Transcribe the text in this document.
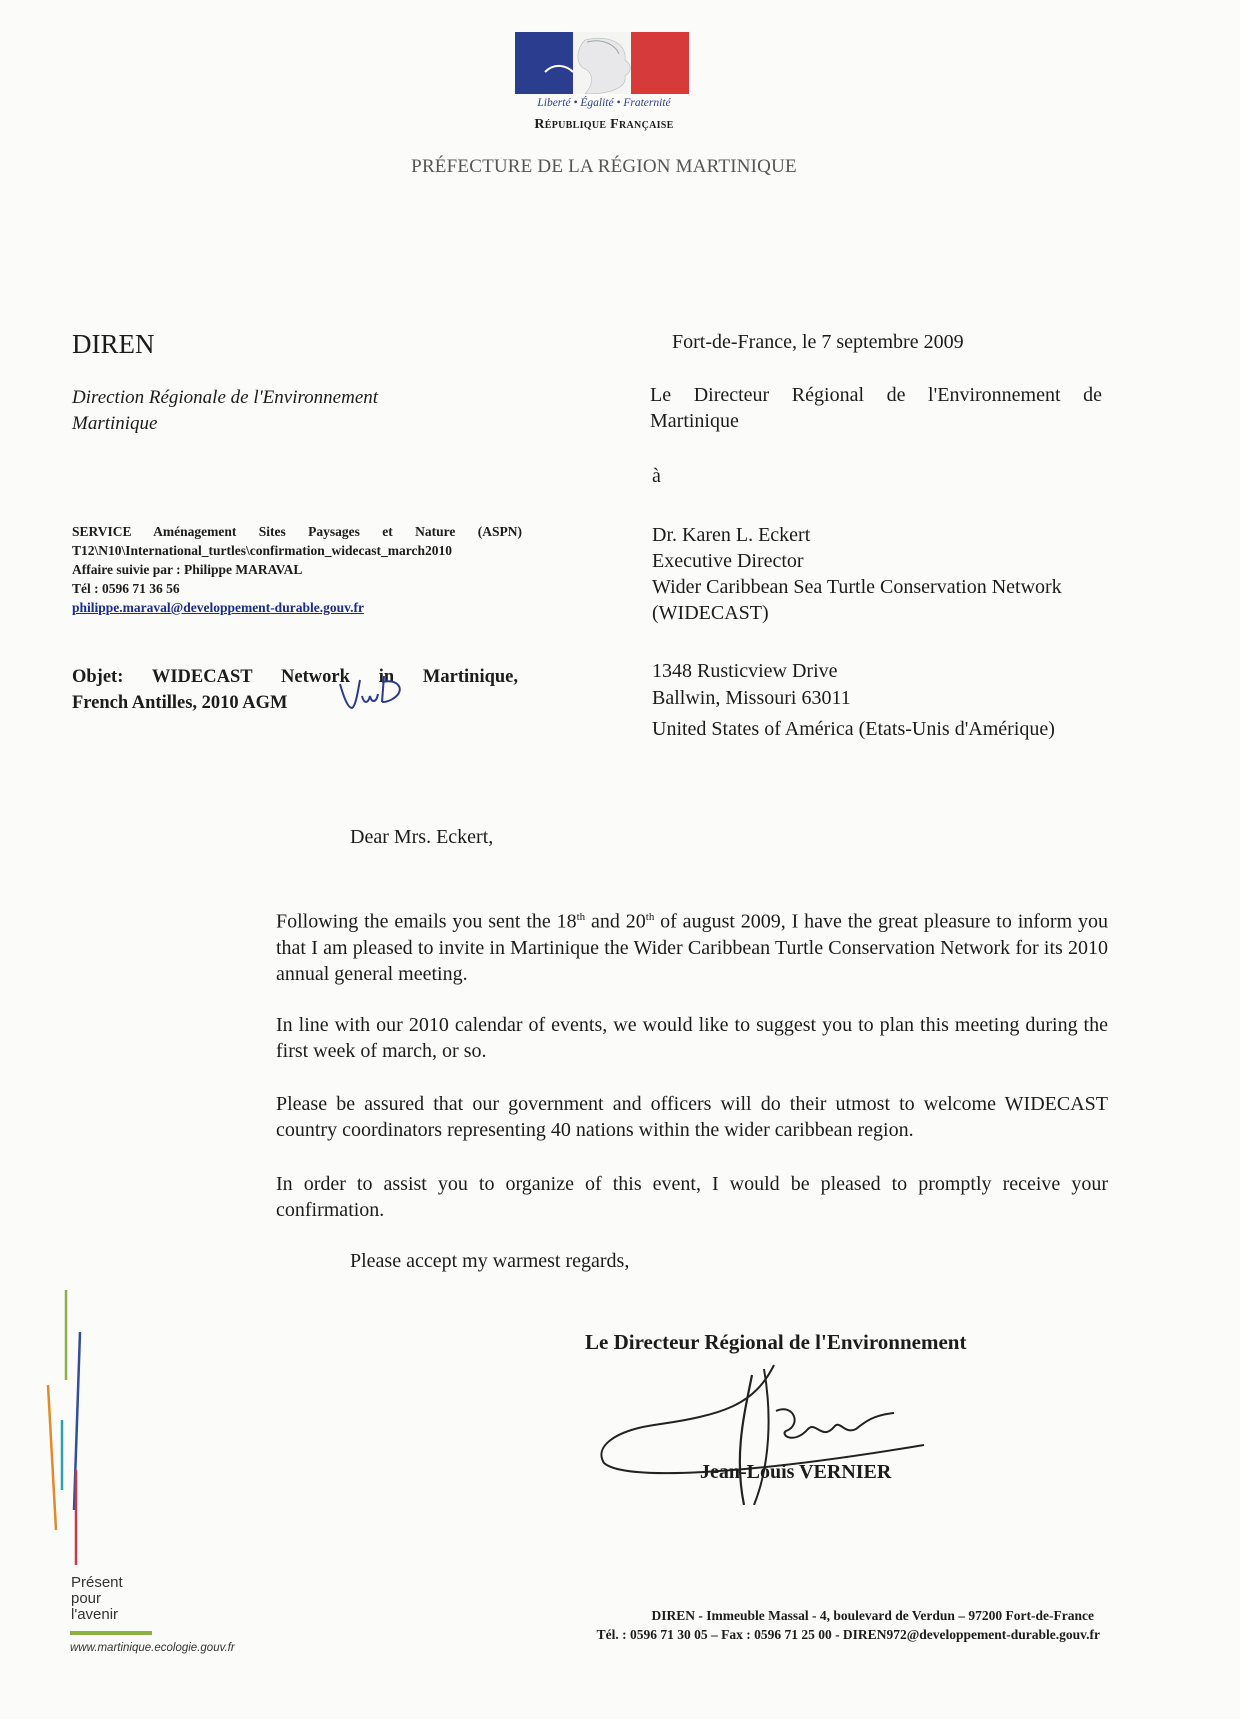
Liberté • Égalité • Fraternité
République Française
PRÉFECTURE DE LA RÉGION MARTINIQUE
DIREN
Direction Régionale de l'Environnement
Martinique
SERVICE Aménagement Sites Paysages et Nature (ASPN)
T12\N10\International_turtles\confirmation_widecast_march2010
Affaire suivie par : Philippe MARAVAL
Tél : 0596 71 36 56
philippe.maraval@developpement-durable.gouv.fr
Objet: WIDECAST Network in Martinique,
French Antilles, 2010 AGM
Fort-de-France, le 7 septembre 2009
Le Directeur Régional de l'Environnement de
Martinique
à
Dr. Karen L. Eckert
Executive Director
Wider Caribbean Sea Turtle Conservation Network
(WIDECAST)
1348 Rusticview Drive
Ballwin, Missouri 63011
United States of América (Etats-Unis d'Amérique)
Dear Mrs. Eckert,
Following the emails you sent the 18th and 20th of august 2009, I have the great pleasure to inform you that I am pleased to invite in Martinique the Wider Caribbean Turtle Conservation Network for its 2010 annual general meeting.
In line with our 2010 calendar of events, we would like to suggest you to plan this meeting during the first week of march, or so.
Please be assured that our government and officers will do their utmost to welcome WIDECAST country coordinators representing 40 nations within the wider caribbean region.
In order to assist you to organize of this event, I would be pleased to promptly receive your confirmation.
Please accept my warmest regards,
Le Directeur Régional de l'Environnement
Jean-Louis VERNIER
Présent
pour
l'avenir
www.martinique.ecologie.gouv.fr
DIREN - Immeuble Massal - 4, boulevard de Verdun – 97200 Fort-de-France
Tél. : 0596 71 30 05 – Fax : 0596 71 25 00 - DIREN972@developpement-durable.gouv.fr
